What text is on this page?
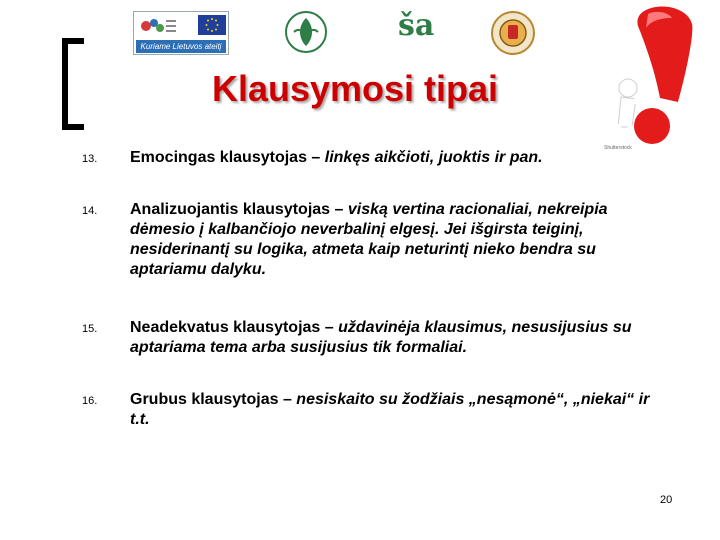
Kuriame Lietuvos ateitį
ša
Klausymosi tipai
Shutterstock
13.	Emocingas klausytojas – linkęs aikčioti, juoktis ir pan.
14.	Analizuojantis klausytojas – viską vertina racionaliai, nekreipia dėmesio į kalbančiojo neverbalinį elgesį. Jei išgirsta teiginį, nesiderinantį su logika, atmeta kaip neturintį nieko bendra su aptariamu dalyku.
15.	Neadekvatus klausytojas – uždavinėja klausimus, nesusijusius su aptariama tema arba susijusius tik formaliai.
16.	Grubus klausytojas – nesiskaito su žodžiais „nesąmonė“, „niekai“ ir t.t.
20
